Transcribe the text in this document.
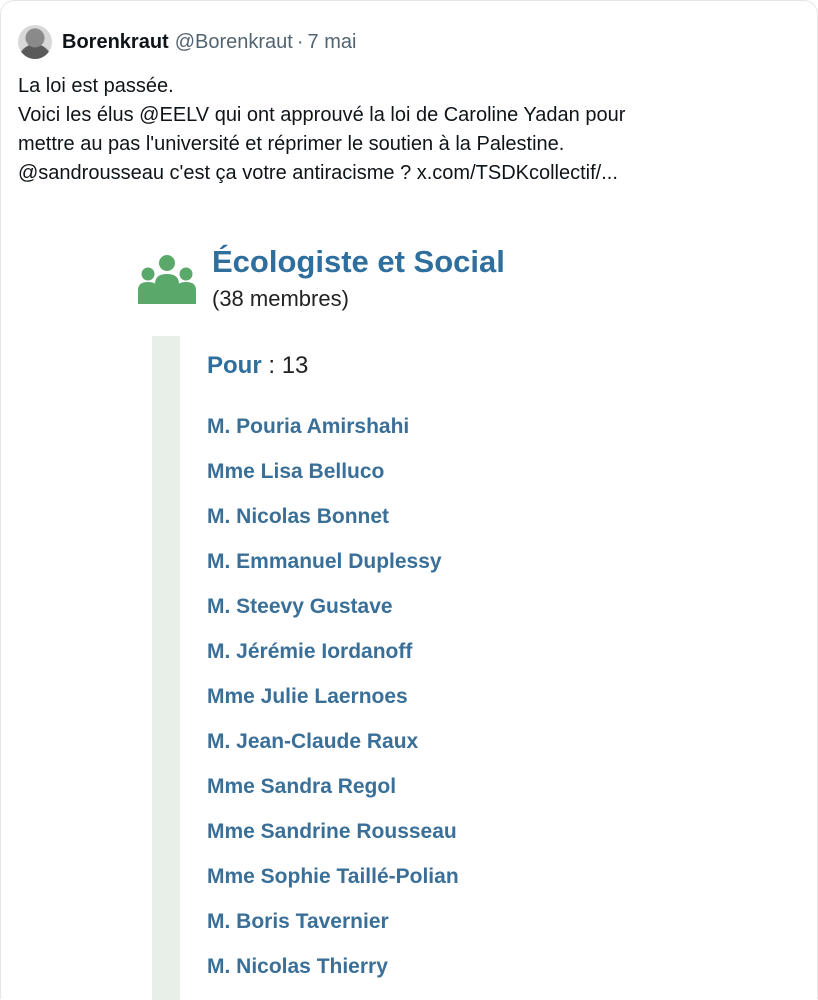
Borenkraut @Borenkraut · 7 mai
La loi est passée.
Voici les élus @EELV qui ont approuvé la loi de Caroline Yadan pour
mettre au pas l'université et réprimer le soutien à la Palestine.
@sandrousseau c'est ça votre antiracisme ? x.com/TSDKcollectif/...
Écologiste et Social
(38 membres)
Pour : 13
M. Pouria Amirshahi
Mme Lisa Belluco
M. Nicolas Bonnet
M. Emmanuel Duplessy
M. Steevy Gustave
M. Jérémie Iordanoff
Mme Julie Laernoes
M. Jean-Claude Raux
Mme Sandra Regol
Mme Sandrine Rousseau
Mme Sophie Taillé-Polian
M. Boris Tavernier
M. Nicolas Thierry
